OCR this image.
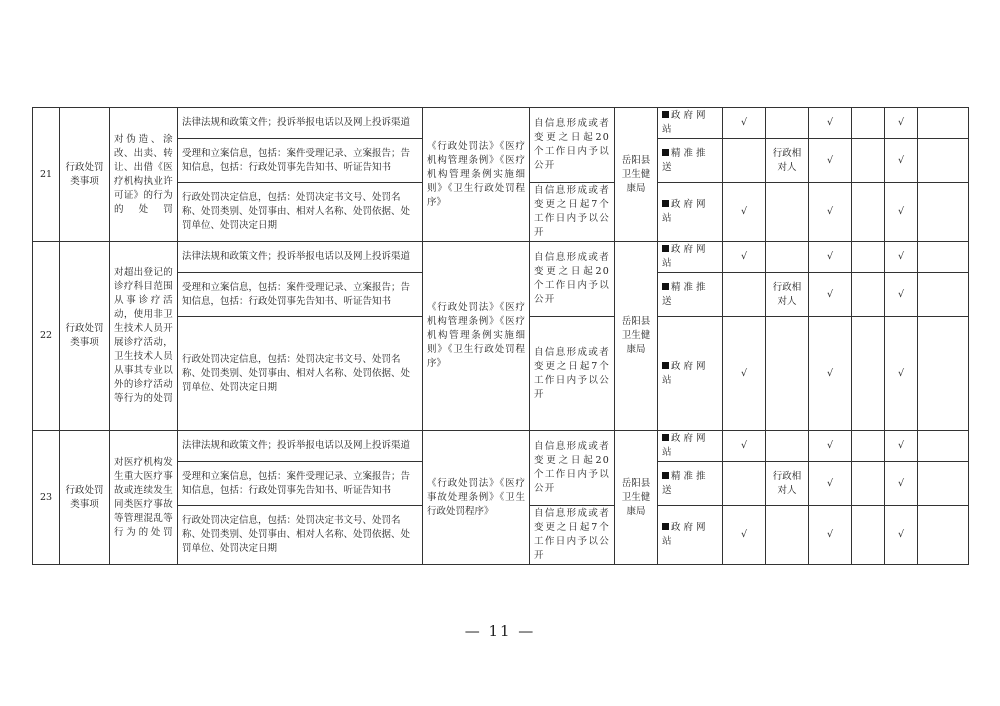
21	行政处罚类事项	对伪造、涂改、出卖、转让、出借《医疗机构执业许可证》的行为的处罚	法律法规和政策文件；投诉举报电话以及网上投诉渠道	《行政处罚法》《医疗机构管理条例》《医疗机构管理条例实施细则》《卫生行政处罚程序》	自信息形成或者变更之日起20个工作日内予以公开	岳阳县卫生健康局	政府网站	√		√		√	
			受理和立案信息，包括：案件受理记录、立案报告；告知信息，包括：行政处罚事先告知书、听证告知书				精准推送		行政相对人	√		√	
			行政处罚决定信息，包括：处罚决定书文号、处罚名称、处罚类别、处罚事由、相对人名称、处罚依据、处罚单位、处罚决定日期		自信息形成或者变更之日起7个工作日内予以公开		政府网站	√		√		√	
22	行政处罚类事项	对超出登记的诊疗科目范围从事诊疗活动，使用非卫生技术人员开展诊疗活动，卫生技术人员从事其专业以外的诊疗活动等行为的处罚	法律法规和政策文件；投诉举报电话以及网上投诉渠道	《行政处罚法》《医疗机构管理条例》《医疗机构管理条例实施细则》《卫生行政处罚程序》	自信息形成或者变更之日起20个工作日内予以公开	岳阳县卫生健康局	政府网站	√		√		√	
			受理和立案信息，包括：案件受理记录、立案报告；告知信息，包括：行政处罚事先告知书、听证告知书				精准推送		行政相对人	√		√	
			行政处罚决定信息，包括：处罚决定书文号、处罚名称、处罚类别、处罚事由、相对人名称、处罚依据、处罚单位、处罚决定日期		自信息形成或者变更之日起7个工作日内予以公开		政府网站	√		√		√	
23	行政处罚类事项	对医疗机构发生重大医疗事故或连续发生同类医疗事故等管理混乱等行为的处罚	法律法规和政策文件；投诉举报电话以及网上投诉渠道	《行政处罚法》《医疗事故处理条例》《卫生行政处罚程序》	自信息形成或者变更之日起20个工作日内予以公开	岳阳县卫生健康局	政府网站	√		√		√	
			受理和立案信息，包括：案件受理记录、立案报告；告知信息，包括：行政处罚事先告知书、听证告知书				精准推送		行政相对人	√		√	
			行政处罚决定信息，包括：处罚决定书文号、处罚名称、处罚类别、处罚事由、相对人名称、处罚依据、处罚单位、处罚决定日期		自信息形成或者变更之日起7个工作日内予以公开		政府网站	√		√		√	
— 11 —
